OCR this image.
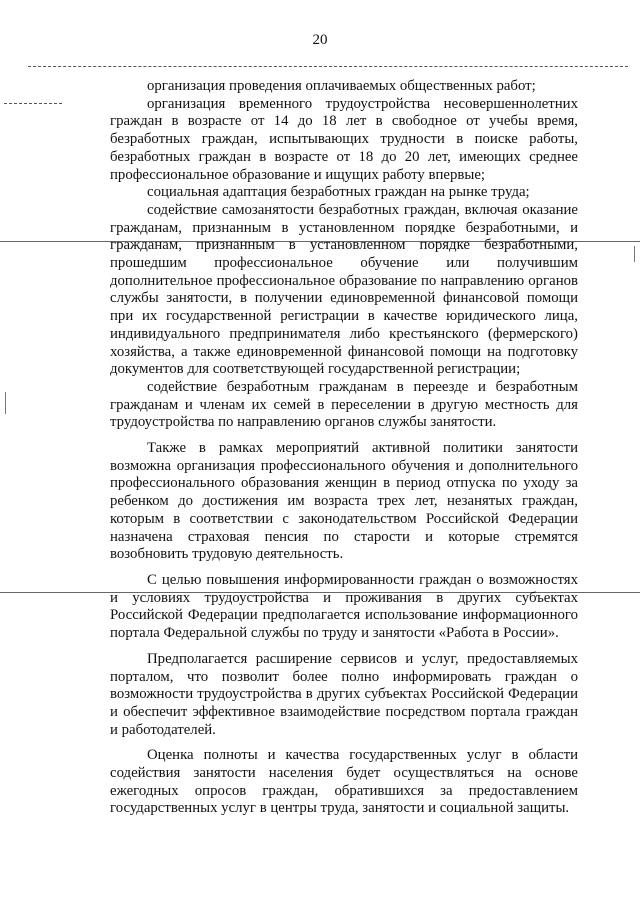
20

организация проведения оплачиваемых общественных работ;

организация временного трудоустройства несовершеннолетних граждан в возрасте от 14 до 18 лет в свободное от учебы время, безработных граждан, испытывающих трудности в поиске работы, безработных граждан в возрасте от 18 до 20 лет, имеющих среднее профессиональное образование и ищущих работу впервые;

социальная адаптация безработных граждан на рынке труда;

содействие самозанятости безработных граждан, включая оказание гражданам, признанным в установленном порядке безработными, и гражданам, признанным в установленном порядке безработными, прошедшим профессиональное обучение или получившим дополнительное профессиональное образование по направлению органов службы занятости, в получении единовременной финансовой помощи при их государственной регистрации в качестве юридического лица, индивидуального предпринимателя либо крестьянского (фермерского) хозяйства, а также единовременной финансовой помощи на подготовку документов для соответствующей государственной регистрации;

содействие безработным гражданам в переезде и безработным гражданам и членам их семей в переселении в другую местность для трудоустройства по направлению органов службы занятости.

Также в рамках мероприятий активной политики занятости возможна организация профессионального обучения и дополнительного профессионального образования женщин в период отпуска по уходу за ребенком до достижения им возраста трех лет, незанятых граждан, которым в соответствии с законодательством Российской Федерации назначена страховая пенсия по старости и которые стремятся возобновить трудовую деятельность.

С целью повышения информированности граждан о возможностях и условиях трудоустройства и проживания в других субъектах Российской Федерации предполагается использование информационного портала Федеральной службы по труду и занятости «Работа в России».

Предполагается расширение сервисов и услуг, предоставляемых порталом, что позволит более полно информировать граждан о возможности трудоустройства в других субъектах Российской Федерации и обеспечит эффективное взаимодействие посредством портала граждан и работодателей.

Оценка полноты и качества государственных услуг в области содействия занятости населения будет осуществляться на основе ежегодных опросов граждан, обратившихся за предоставлением государственных услуг в центры труда, занятости и социальной защиты.
